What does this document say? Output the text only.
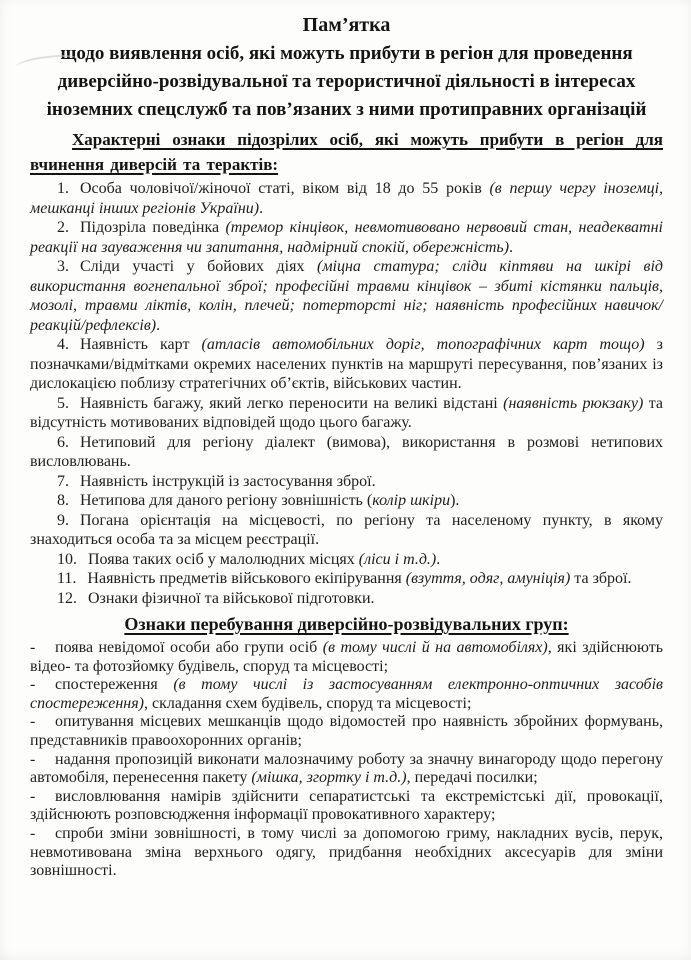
Пам’ятка
щодо виявлення осіб, які можуть прибути в регіон для проведення диверсійно-розвідувальної та терористичної діяльності в інтересах іноземних спецслужб та пов’язаних з ними протиправних організацій

Характерні ознаки підозрілих осіб, які можуть прибути в регіон для вчинення диверсій та терактів:

1. Особа чоловічої/жіночої статі, віком від 18 до 55 років (в першу чергу іноземці, мешканці інших регіонів України).

2. Підозріла поведінка (тремор кінцівок, невмотивовано нервовий стан, неадекватні реакції на зауваження чи запитання, надмірний спокій, обережність).

3. Сліди участі у бойових діях (міцна статура; сліди кіптяви на шкірі від використання вогнепальної зброї; професійні травми кінцівок – збиті кістянки пальців, мозолі, травми ліктів, колін, плечей; потерторсті ніг; наявність професійних навичок/реакцій/рефлексів).

4. Наявність карт (атласів автомобільних доріг, топографічних карт тощо) з позначками/відмітками окремих населених пунктів на маршруті пересування, пов’язаних із дислокацією поблизу стратегічних об’єктів, військових частин.

5. Наявність багажу, який легко переносити на великі відстані (наявність рюкзаку) та відсутність мотивованих відповідей щодо цього багажу.

6. Нетиповий для регіону діалект (вимова), використання в розмові нетипових висловлювань.

7. Наявність інструкцій із застосування зброї.

8. Нетипова для даного регіону зовнішність (колір шкіри).

9. Погана орієнтація на місцевості, по регіону та населеному пункту, в якому знаходиться особа та за місцем реєстрації.

10. Поява таких осіб у малолюдних місцях (ліси і т.д.).

11. Наявність предметів військового екіпірування (взуття, одяг, амуніція) та зброї.

12. Ознаки фізичної та військової підготовки.

Ознаки перебування диверсійно-розвідувальних груп:

- поява невідомої особи або групи осіб (в тому числі й на автомобілях), які здійснюють відео- та фотозйомку будівель, споруд та місцевості;

- спостереження (в тому числі із застосуванням електронно-оптичних засобів спостереження), складання схем будівель, споруд та місцевості;

- опитування місцевих мешканців щодо відомостей про наявність збройних формувань, представників правоохоронних органів;

- надання пропозицій виконати малозначиму роботу за значну винагороду щодо перегону автомобіля, перенесення пакету (мішка, згортку і т.д.), передачі посилки;

- висловлювання намірів здійснити сепаратистські та екстремістські дії, провокації, здійснюють розповсюдження інформації провокативного характеру;

- спроби зміни зовнішності, в тому числі за допомогою гриму, накладних вусів, перук, невмотивована зміна верхнього одягу, придбання необхідних аксесуарів для зміни зовнішності.
